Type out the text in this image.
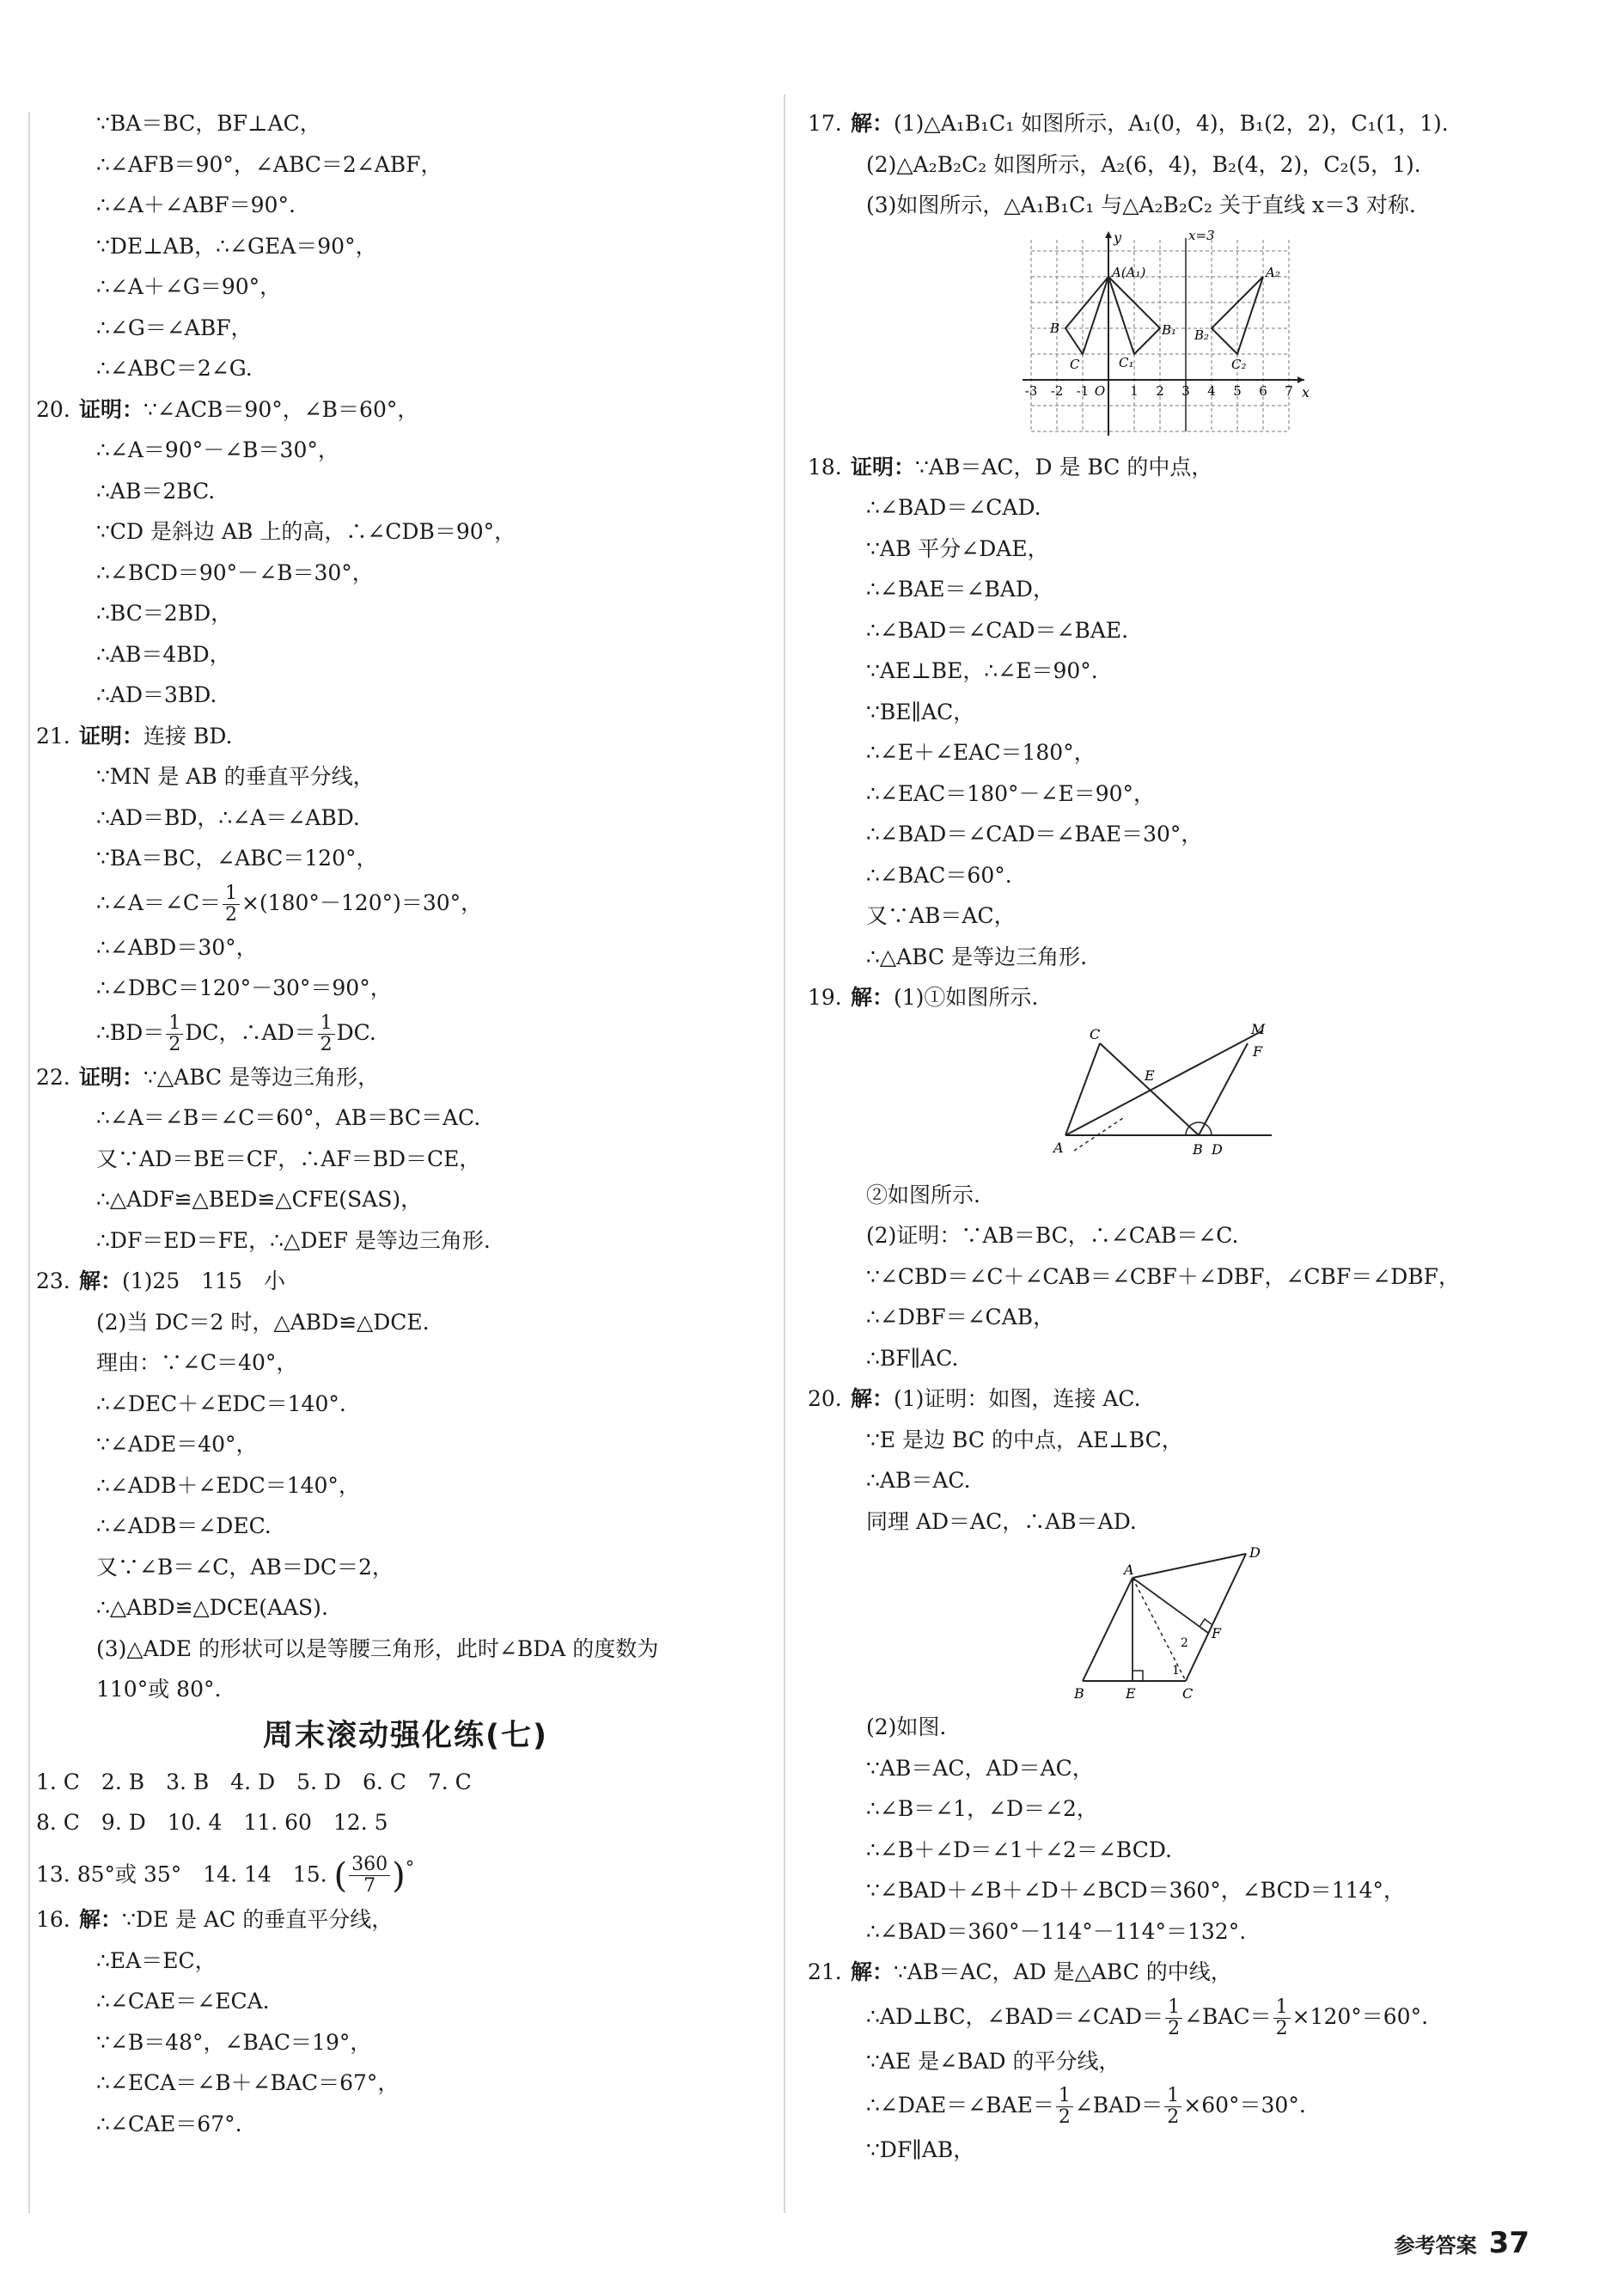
∵BA＝BC，BF⊥AC，
∴∠AFB＝90°，∠ABC＝2∠ABF，
∴∠A＋∠ABF＝90°.
∵DE⊥AB，∴∠GEA＝90°，
∴∠A＋∠G＝90°，
∴∠G＝∠ABF，
∴∠ABC＝2∠G.
20. 证明：∵∠ACB＝90°，∠B＝60°，
∴∠A＝90°－∠B＝30°，
∴AB＝2BC.
∵CD 是斜边 AB 上的高，∴∠CDB＝90°，
∴∠BCD＝90°－∠B＝30°，
∴BC＝2BD，
∴AB＝4BD，
∴AD＝3BD.
21. 证明：连接 BD.
∵MN 是 AB 的垂直平分线，
∴AD＝BD，∴∠A＝∠ABD.
∵BA＝BC，∠ABC＝120°，
∴∠A＝∠C＝ $\frac{1}{2} \times(180^\circ-120^\circ)=30^\circ$，
∴∠ABD＝30°，
∴∠DBC＝120°－30°＝90°，
∴BD＝ $\frac{1}{2}$ DC，∴AD＝ $\frac{1}{2}$ DC.
22. 证明：∵△ABC 是等边三角形，
∴∠A＝∠B＝∠C＝60°，AB＝BC＝AC.
又∵AD＝BE＝CF，∴AF＝BD＝CE，
∴△ADF≌△BED≌△CFE(SAS)，
∴DF＝ED＝FE，∴△DEF 是等边三角形.
23. 解：(1)25　115　小
(2)当 DC＝2 时，△ABD≌△DCE.
理由：∵∠C＝40°，
∴∠DEC＋∠EDC＝140°.
∵∠ADE＝40°，
∴∠ADB＋∠EDC＝140°，
∴∠ADB＝∠DEC.
又∵∠B＝∠C，AB＝DC＝2，
∴△ABD≌△DCE(AAS).
(3)△ADE 的形状可以是等腰三角形，此时∠BDA 的度数为
110°或 80°.
周末滚动强化练(七)
1. C　2. B　3. B　4. D　5. D　6. C　7. C
8. C　9. D　10. 4　11. 60　12. 5
13. 85°或 35°　14. 14　15. ( $\frac{360}{7} )^\circ$
16. 解：∵DE 是 AC 的垂直平分线，
∴EA＝EC，
∴∠CAE＝∠ECA.
∵∠B＝48°，∠BAC＝19°，
∴∠ECA＝∠B＋∠BAC＝67°，
∴∠CAE＝67°.
17. 解：(1)△A₁B₁C₁ 如图所示，A₁(0，4)，B₁(2，2)，C₁(1，1).
(2)△A₂B₂C₂ 如图所示，A₂(6，4)，B₂(4，2)，C₂(5，1).
(3)如图所示，△A₁B₁C₁ 与△A₂B₂C₂ 关于直线 x＝3 对称.
y
x
x=3
-3 -2 -1 O 1 2 3 4 5 6 7
A(A₁)
B
C
B₁
C₁
A₂
B₂
C₂
18. 证明：∵AB＝AC，D 是 BC 的中点，
∴∠BAD＝∠CAD.
∵AB 平分∠DAE，
∴∠BAE＝∠BAD，
∴∠BAD＝∠CAD＝∠BAE.
∵AE⊥BE，∴∠E＝90°.
∵BE∥AC，
∴∠E＋∠EAC＝180°，
∴∠EAC＝180°－∠E＝90°，
∴∠BAD＝∠CAD＝∠BAE＝30°，
∴∠BAC＝60°.
又∵AB＝AC，
∴△ABC 是等边三角形.
19. 解：(1)①如图所示.
C	M
F
E
A	B D
②如图所示.
(2)证明：∵AB＝BC，∴∠CAB＝∠C.
∵∠CBD＝∠C＋∠CAB＝∠CBF＋∠DBF，∠CBF＝∠DBF，
∴∠DBF＝∠CAB，
∴BF∥AC.
20. 解：(1)证明：如图，连接 AC.
∵E 是边 BC 的中点，AE⊥BC，
∴AB＝AC.
同理 AD＝AC，∴AB＝AD.
A
D
F
B	E	C
1
2
(2)如图.
∵AB＝AC，AD＝AC，
∴∠B＝∠1，∠D＝∠2，
∴∠B＋∠D＝∠1＋∠2＝∠BCD.
∵∠BAD＋∠B＋∠D＋∠BCD＝360°，∠BCD＝114°，
∴∠BAD＝360°－114°－114°＝132°.
21. 解：∵AB＝AC，AD 是△ABC 的中线，
∴AD⊥BC，∠BAD＝∠CAD＝ $\frac{1}{2}$ ∠BAC＝ $\frac{1}{2} \times 120^\circ=60^\circ$.
∵AE 是∠BAD 的平分线，
∴∠DAE＝∠BAE＝ $\frac{1}{2}$ ∠BAD＝ $\frac{1}{2} \times 60^\circ=30^\circ$.
∵DF∥AB，
参考答案 37
